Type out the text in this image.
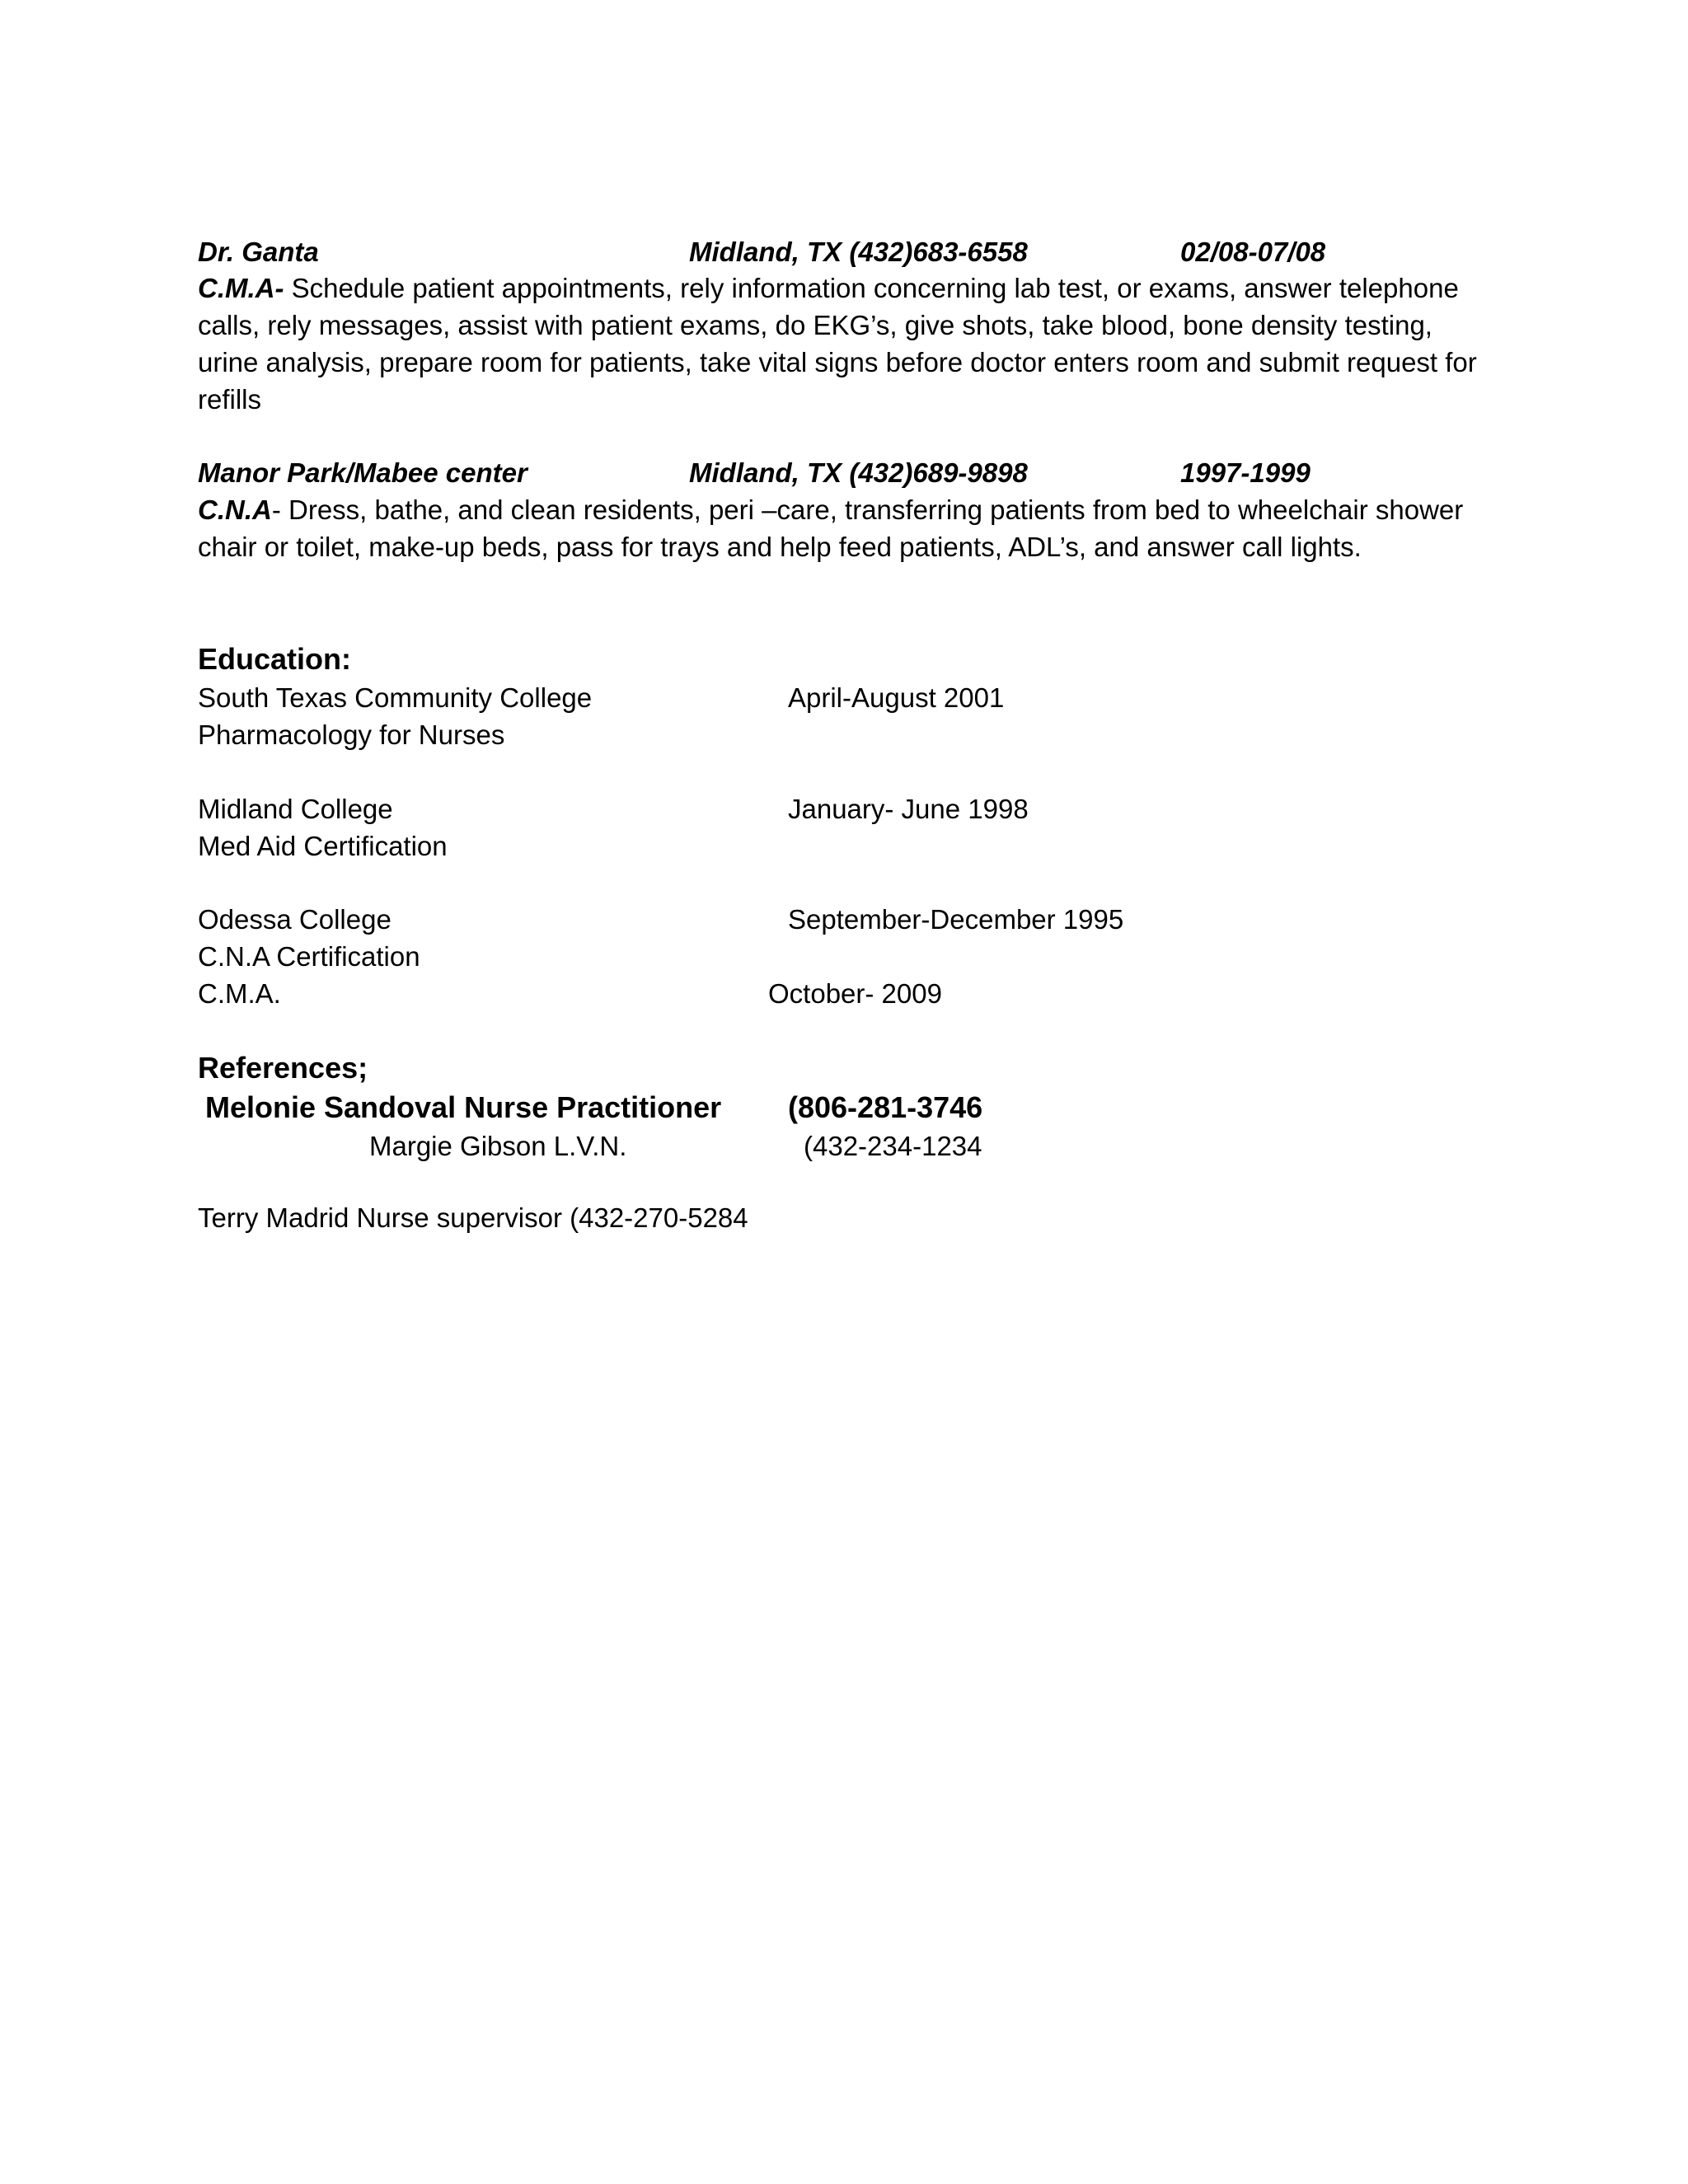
Dr. Ganta	Midland, TX (432)683-6558	02/08-07/08
C.M.A- Schedule patient appointments, rely information concerning lab test, or exams, answer telephone calls, rely messages, assist with patient exams, do EKG’s, give shots, take blood, bone density testing, urine analysis, prepare room for patients, take vital signs before doctor enters room and submit request for refills
Manor Park/Mabee center	Midland, TX (432)689-9898	1997-1999
C.N.A- Dress, bathe, and clean residents, peri –care, transferring patients from bed to wheelchair shower chair or toilet, make-up beds, pass for trays and help feed patients, ADL’s, and answer call lights.
Education:
South Texas Community College	April-August 2001
Pharmacology for Nurses
Midland College	January- June 1998
Med Aid Certification
Odessa College	September-December 1995
C.N.A Certification
C.M.A.	October- 2009
References;
Melonie Sandoval Nurse Practitioner (806-281-3746
Margie Gibson L.V.N.	(432-234-1234
Terry Madrid Nurse supervisor (432-270-5284
